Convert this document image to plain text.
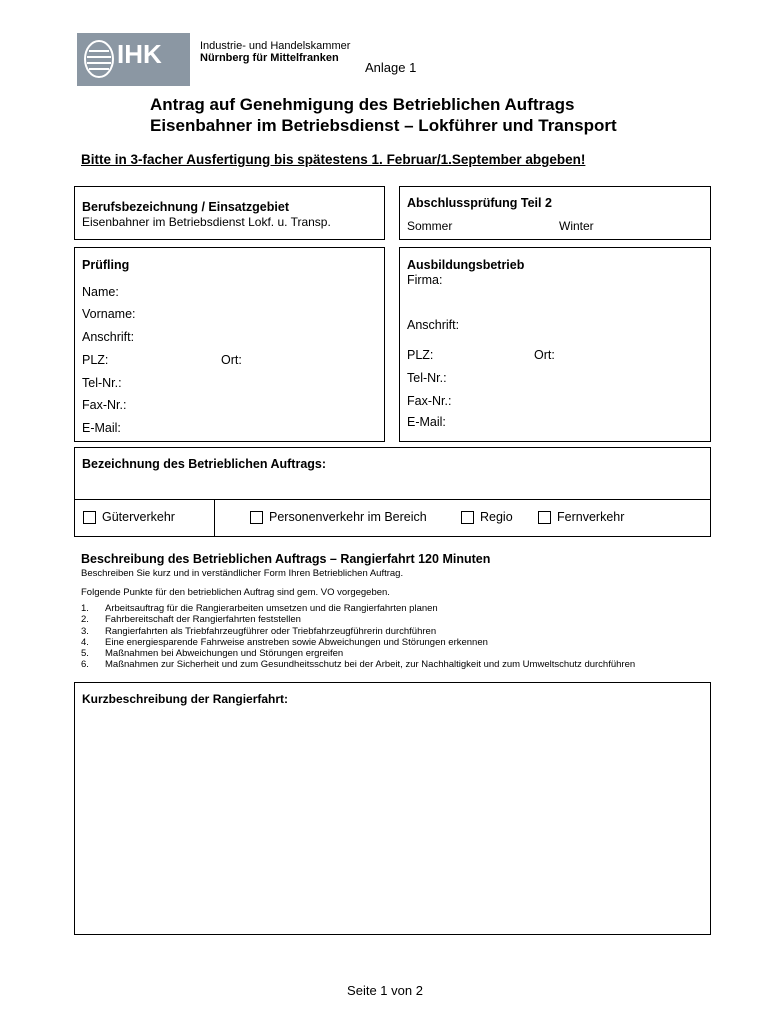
IHK	Industrie- und Handelskammer
Nürnberg für Mittelfranken
Anlage 1
Antrag auf Genehmigung des Betrieblichen Auftrags
Eisenbahner im Betriebsdienst – Lokführer und Transport
Bitte in 3-facher Ausfertigung bis spätestens 1. Februar/1.September abgeben!
Berufsbezeichnung / Einsatzgebiet
Eisenbahner im Betriebsdienst Lokf. u. Transp.
Abschlussprüfung Teil 2
Sommer	Winter
Prüfling
Name:
Vorname:
Anschrift:
PLZ:	Ort:
Tel-Nr.:
Fax-Nr.:
E-Mail:
Ausbildungsbetrieb
Firma:
Anschrift:
PLZ:	Ort:
Tel-Nr.:
Fax-Nr.:
E-Mail:
Bezeichnung des Betrieblichen Auftrags:
Güterverkehr	Personenverkehr im Bereich	Regio	Fernverkehr
Beschreibung des Betrieblichen Auftrags – Rangierfahrt 120 Minuten
Beschreiben Sie kurz und in verständlicher Form Ihren Betrieblichen Auftrag.
Folgende Punkte für den betrieblichen Auftrag sind gem. VO vorgegeben.
1. Arbeitsauftrag für die Rangierarbeiten umsetzen und die Rangierfahrten planen
2. Fahrbereitschaft der Rangierfahrten feststellen
3. Rangierfahrten als Triebfahrzeugführer oder Triebfahrzeugführerin durchführen
4. Eine energiesparende Fahrweise anstreben sowie Abweichungen und Störungen erkennen
5. Maßnahmen bei Abweichungen und Störungen ergreifen
6. Maßnahmen zur Sicherheit und zum Gesundheitsschutz bei der Arbeit, zur Nachhaltigkeit und zum Umweltschutz durchführen
Kurzbeschreibung der Rangierfahrt:
Seite 1 von 2
